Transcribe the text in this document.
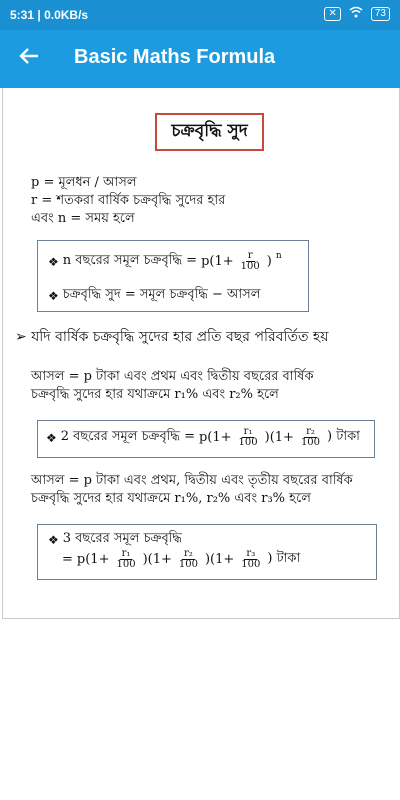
5:31 | 0.0KB/s	✕	73
Basic Maths Formula
চক্রবৃদ্ধি সুদ
p = মূলধন / আসল
r = শতকরা বার্ষিক চক্রবৃদ্ধি সুদের হার
এবং n = সময় হলে
❖ n বছরের সমূল চক্রবৃদ্ধি = $p(1+ \frac{r}{100}$ ) n
❖ চক্রবৃদ্ধি সুদ = সমূল চক্রবৃদ্ধি − আসল
➢ যদি বার্ষিক চক্রবৃদ্ধি সুদের হার প্রতি বছর পরিবর্তিত হয়
আসল = p টাকা এবং প্রথম এবং দ্বিতীয় বছরের বার্ষিক
চক্রবৃদ্ধি সুদের হার যথাক্রমে r₁% এবং r₂% হলে
❖ 2 বছরের সমূল চক্রবৃদ্ধি = $p(1+ \frac{\text{r₁}}{100} )(1+ \frac{\text{r₂}}{100}$ ) টাকা
আসল = p টাকা এবং প্রথম, দ্বিতীয় এবং তৃতীয় বছরের বার্ষিক
চক্রবৃদ্ধি সুদের হার যথাক্রমে r₁%, r₂% এবং r₃% হলে
❖ 3 বছরের সমূল চক্রবৃদ্ধি
= $p(1+ \frac{\text{r₁}}{100} )(1+ \frac{\text{r₂}}{100} )(1+ \frac{\text{r₃}}{100}$ ) টাকা
